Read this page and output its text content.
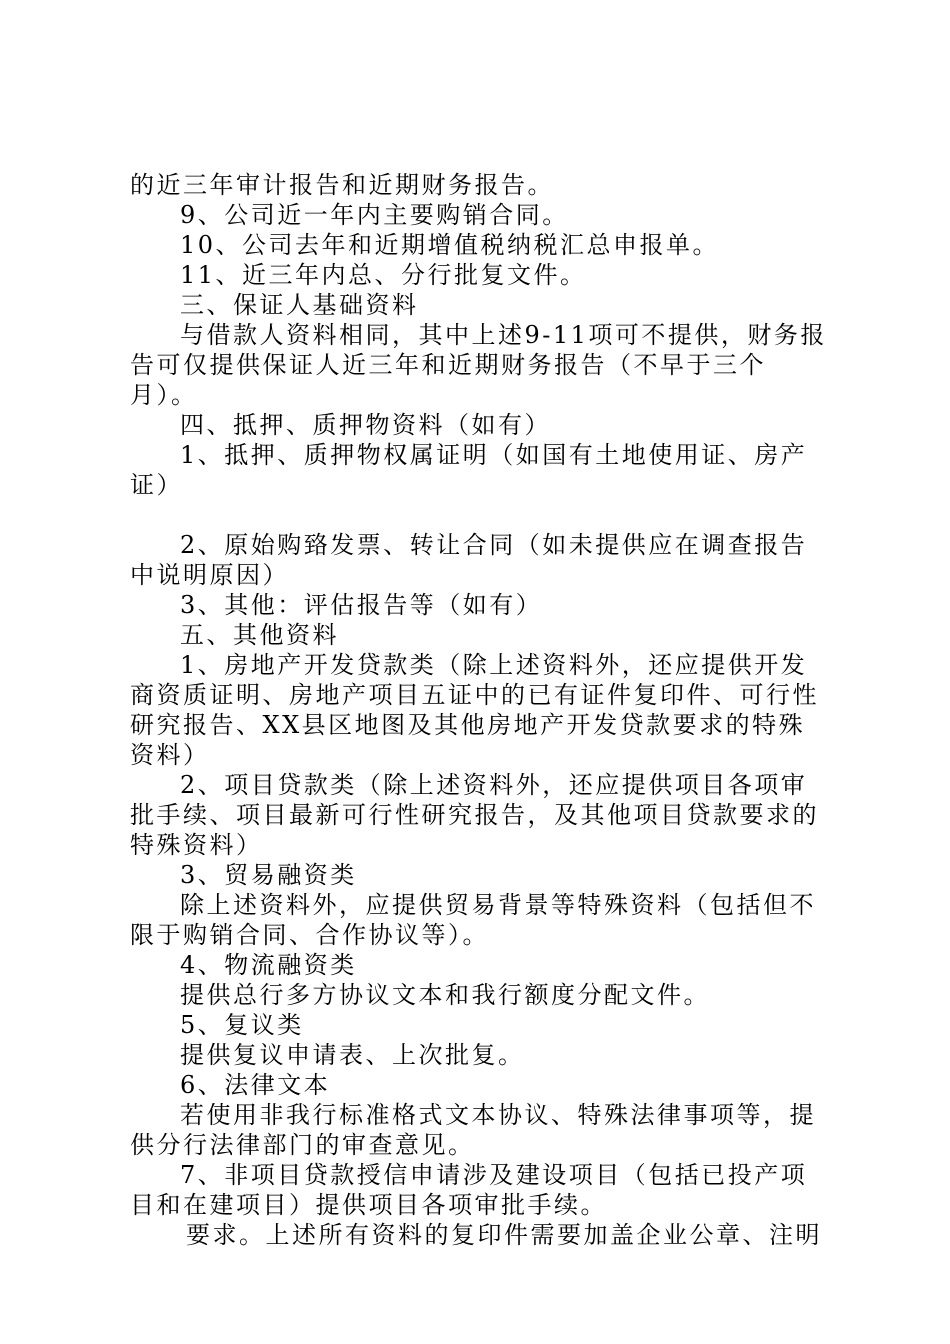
的近三年审计报告和近期财务报告。

9、公司近一年内主要购销合同。

10、公司去年和近期增值税纳税汇总申报单。

11、近三年内总、分行批复文件。

三、保证人基础资料

与借款人资料相同，其中上述9-11项可不提供，财务报告可仅提供保证人近三年和近期财务报告（不早于三个月）。

四、抵押、质押物资料（如有）

1、抵押、质押物权属证明（如国有土地使用证、房产证）

2、原始购臵发票、转让合同（如未提供应在调查报告中说明原因）

3、其他：评估报告等（如有）

五、其他资料

1、房地产开发贷款类（除上述资料外，还应提供开发商资质证明、房地产项目五证中的已有证件复印件、可行性研究报告、XX县区地图及其他房地产开发贷款要求的特殊资料）

2、项目贷款类（除上述资料外，还应提供项目各项审批手续、项目最新可行性研究报告，及其他项目贷款要求的特殊资料）

3、贸易融资类

除上述资料外，应提供贸易背景等特殊资料（包括但不限于购销合同、合作协议等）。

4、物流融资类

提供总行多方协议文本和我行额度分配文件。

5、复议类

提供复议申请表、上次批复。

6、法律文本

若使用非我行标准格式文本协议、特殊法律事项等，提供分行法律部门的审查意见。

7、非项目贷款授信申请涉及建设项目（包括已投产项目和在建项目）提供项目各项审批手续。

要求。上述所有资料的复印件需要加盖企业公章、注明
